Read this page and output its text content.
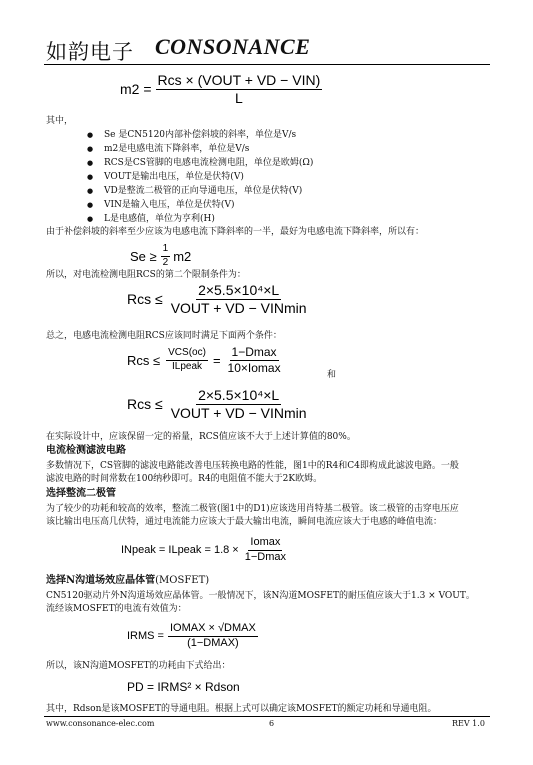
如韵电子 CONSONANCE
$m2 = \frac{\text{Rcs × (VOUT + VD − VIN)}}{L}$
其中，
● Se 是CN5120内部补偿斜坡的斜率，单位是V/s
● m2是电感电流下降斜率，单位是V/s
● RCS是CS管脚的电感电流检测电阻，单位是欧姆(Ω)
● VOUT是输出电压，单位是伏特(V)
● VD是整流二极管的正向导通电压，单位是伏特(V)
● VIN是输入电压，单位是伏特(V)
● L是电感值，单位为亨利(H)
由于补偿斜坡的斜率至少应该为电感电流下降斜率的一半，最好为电感电流下降斜率，所以有：
$Se \ge \frac{1}{2} m2$
所以，对电流检测电阻RCS的第二个限制条件为：
Rcs ≤ $\frac{\text{2×5.5×10⁴×L}}{\text{VOUT + VD − VINmin}}$
总之，电感电流检测电阻RCS应该同时满足下面两个条件：
Rcs ≤ $\frac{\text{VCS(oc)}}{\text{ILpeak}} = \frac{1-Dmax}{10\times Iomax}$
和
Rcs ≤ $\frac{\text{2×5.5×10⁴×L}}{\text{VOUT + VD − VINmin}}$
在实际设计中，应该保留一定的裕量，RCS值应该不大于上述计算值的80%。
电流检测滤波电路
多数情况下，CS管脚的滤波电路能改善电压转换电路的性能，图1中的R4和C4即构成此滤波电路。一般
滤波电路的时间常数在100纳秒即可。R4的电阻值不能大于2K欧姆。
选择整流二极管
为了较少的功耗和较高的效率，整流二极管(图1中的D1)应该选用肖特基二极管。该二极管的击穿电压应
该比输出电压高几伏特，通过电流能力应该大于最大输出电流，瞬间电流应该大于电感的峰值电流：
INpeak = ILpeak = $1.8 \times \frac{Iomax}{1-Dmax}$
选择N沟道场效应晶体管(MOSFET)
CN5120驱动片外N沟道场效应晶体管。一般情况下，该N沟道MOSFET的耐压值应该大于1.3 × VOUT。
流经该MOSFET的电流有效值为：
IRMS = $\frac{\text{IOMAX × √DMAX}}{\text{(1−DMAX)}}$
所以，该N沟道MOSFET的功耗由下式给出：
PD = IRMS² × Rdson
其中，Rdson是该MOSFET的导通电阻。根据上式可以确定该MOSFET的额定功耗和导通电阻。
www.consonance-elec.com	6	REV 1.0
